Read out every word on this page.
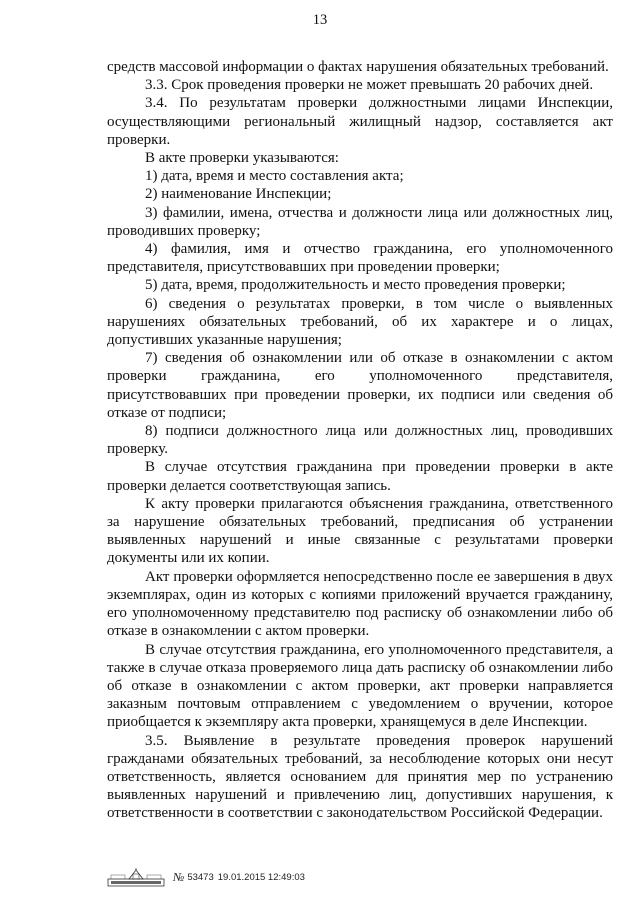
13

средств массовой информации о фактах нарушения обязательных требований.

3.3. Срок проведения проверки не может превышать 20 рабочих дней.

3.4. По результатам проверки должностными лицами Инспекции, осуществляющими региональный жилищный надзор, составляется акт проверки.

В акте проверки указываются:

1) дата, время и место составления акта;

2) наименование Инспекции;

3) фамилии, имена, отчества и должности лица или должностных лиц, проводивших проверку;

4) фамилия, имя и отчество гражданина, его уполномоченного представителя, присутствовавших при проведении проверки;

5) дата, время, продолжительность и место проведения проверки;

6) сведения о результатах проверки, в том числе о выявленных нарушениях обязательных требований, об их характере и о лицах, допустивших указанные нарушения;

7) сведения об ознакомлении или об отказе в ознакомлении с актом проверки гражданина, его уполномоченного представителя, присутствовавших при проведении проверки, их подписи или сведения об отказе от подписи;

8) подписи должностного лица или должностных лиц, проводивших проверку.

В случае отсутствия гражданина при проведении проверки в акте проверки делается соответствующая запись.

К акту проверки прилагаются объяснения гражданина, ответственного за нарушение обязательных требований, предписания об устранении выявленных нарушений и иные связанные с результатами проверки документы или их копии.

Акт проверки оформляется непосредственно после ее завершения в двух экземплярах, один из которых с копиями приложений вручается гражданину, его уполномоченному представителю под расписку об ознакомлении либо об отказе в ознакомлении с актом проверки.

В случае отсутствия гражданина, его уполномоченного представителя, а также в случае отказа проверяемого лица дать расписку об ознакомлении либо об отказе в ознакомлении с актом проверки, акт проверки направляется заказным почтовым отправлением с уведомлением о вручении, которое приобщается к экземпляру акта проверки, хранящемуся в деле Инспекции.

3.5. Выявление в результате проведения проверок нарушений гражданами обязательных требований, за несоблюдение которых они несут ответственность, является основанием для принятия мер по устранению выявленных нарушений и привлечению лиц, допустивших нарушения, к ответственности в соответствии с законодательством Российской Федерации.

№ 53473 19.01.2015 12:49:03
